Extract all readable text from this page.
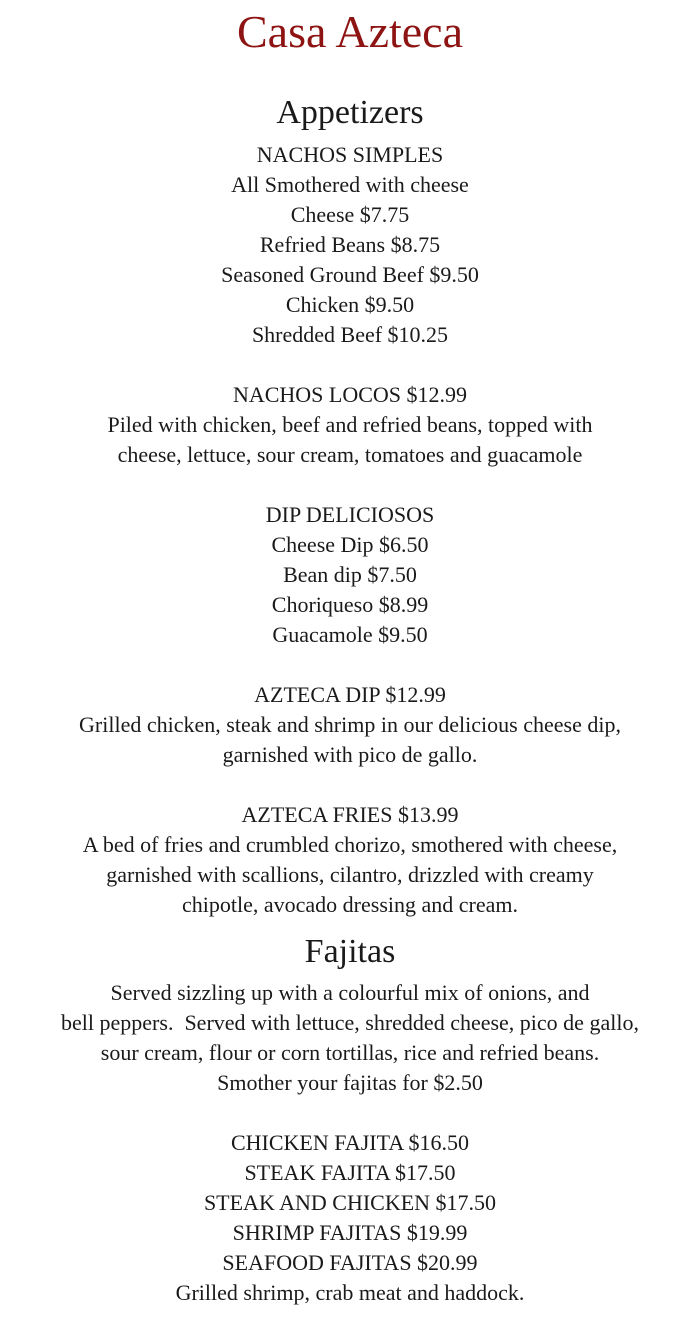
Casa Azteca
Appetizers
NACHOS SIMPLES
All Smothered with cheese
Cheese $7.75
Refried Beans $8.75
Seasoned Ground Beef $9.50
Chicken $9.50
Shredded Beef $10.25
NACHOS LOCOS $12.99
Piled with chicken, beef and refried beans, topped with
cheese, lettuce, sour cream, tomatoes and guacamole
DIP DELICIOSOS
Cheese Dip $6.50
Bean dip $7.50
Choriqueso $8.99
Guacamole $9.50
AZTECA DIP $12.99
Grilled chicken, steak and shrimp in our delicious cheese dip,
garnished with pico de gallo.
AZTECA FRIES $13.99
A bed of fries and crumbled chorizo, smothered with cheese,
garnished with scallions, cilantro, drizzled with creamy
chipotle, avocado dressing and cream.
Fajitas
Served sizzling up with a colourful mix of onions, and
bell peppers.  Served with lettuce, shredded cheese, pico de gallo,
sour cream, flour or corn tortillas, rice and refried beans.
Smother your fajitas for $2.50
CHICKEN FAJITA $16.50
STEAK FAJITA $17.50
STEAK AND CHICKEN $17.50
SHRIMP FAJITAS $19.99
SEAFOOD FAJITAS $20.99
Grilled shrimp, crab meat and haddock.
